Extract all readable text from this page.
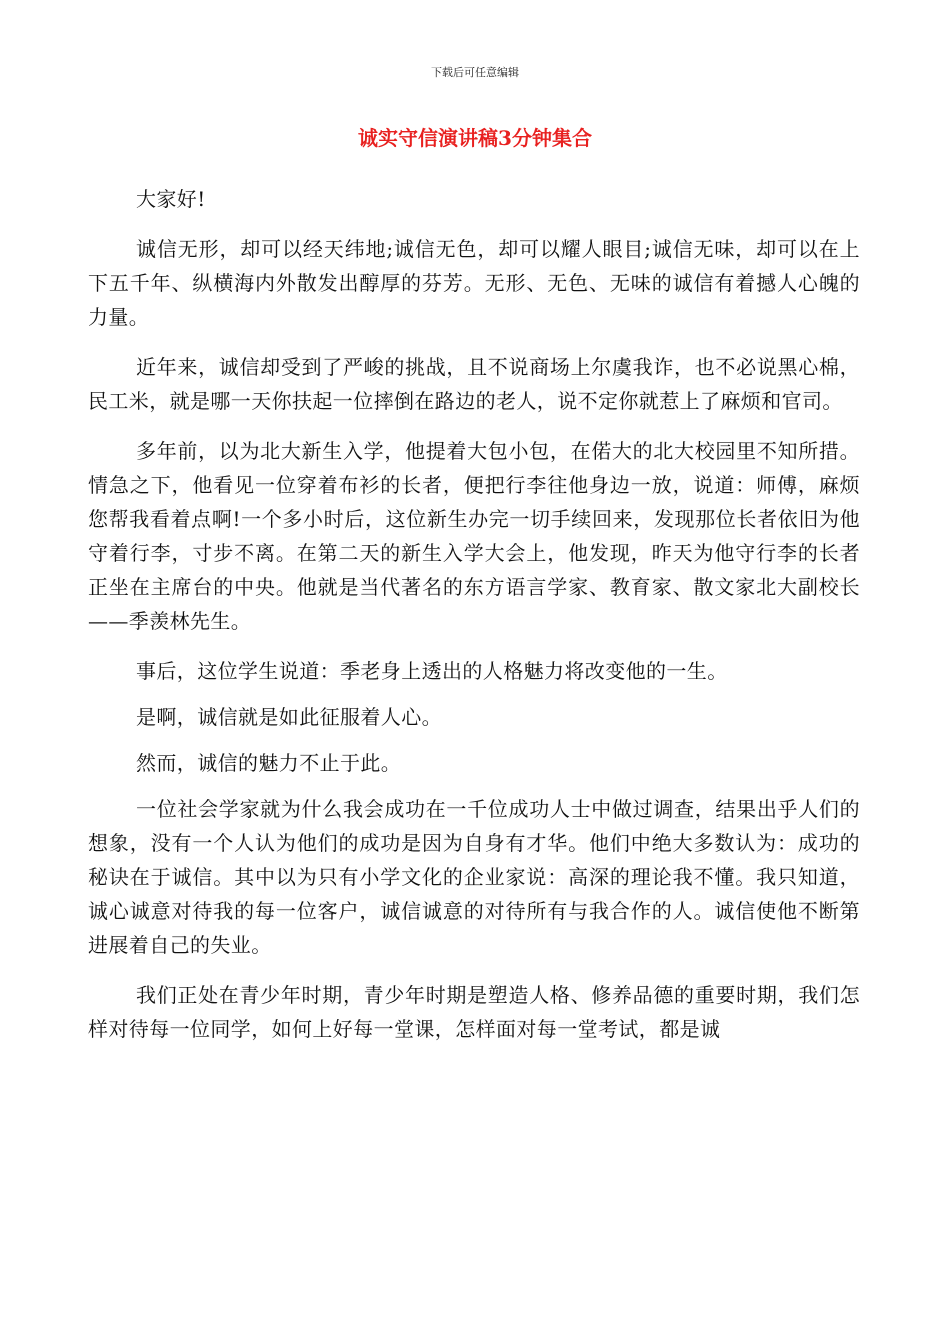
下载后可任意编辑
诚实守信演讲稿3分钟集合

大家好!

诚信无形，却可以经天纬地;诚信无色，却可以耀人眼目;诚信无味，却可以在上下五千年、纵横海内外散发出醇厚的芬芳。无形、无色、无味的诚信有着撼人心魄的力量。

近年来，诚信却受到了严峻的挑战，且不说商场上尔虞我诈，也不必说黑心棉，民工米，就是哪一天你扶起一位摔倒在路边的老人，说不定你就惹上了麻烦和官司。

多年前，以为北大新生入学，他提着大包小包，在偌大的北大校园里不知所措。情急之下，他看见一位穿着布衫的长者，便把行李往他身边一放，说道：师傅，麻烦您帮我看着点啊!一个多小时后，这位新生办完一切手续回来，发现那位长者依旧为他守着行李，寸步不离。在第二天的新生入学大会上，他发现，昨天为他守行李的长者正坐在主席台的中央。他就是当代著名的东方语言学家、教育家、散文家北大副校长——季羡林先生。

事后，这位学生说道：季老身上透出的人格魅力将改变他的一生。

是啊，诚信就是如此征服着人心。

然而，诚信的魅力不止于此。

一位社会学家就为什么我会成功在一千位成功人士中做过调查，结果出乎人们的想象，没有一个人认为他们的成功是因为自身有才华。他们中绝大多数认为：成功的秘诀在于诚信。其中以为只有小学文化的企业家说：高深的理论我不懂。我只知道，诚心诚意对待我的每一位客户，诚信诚意的对待所有与我合作的人。诚信使他不断第进展着自己的失业。

我们正处在青少年时期，青少年时期是塑造人格、修养品德的重要时期，我们怎样对待每一位同学，如何上好每一堂课，怎样面对每一堂考试，都是诚
